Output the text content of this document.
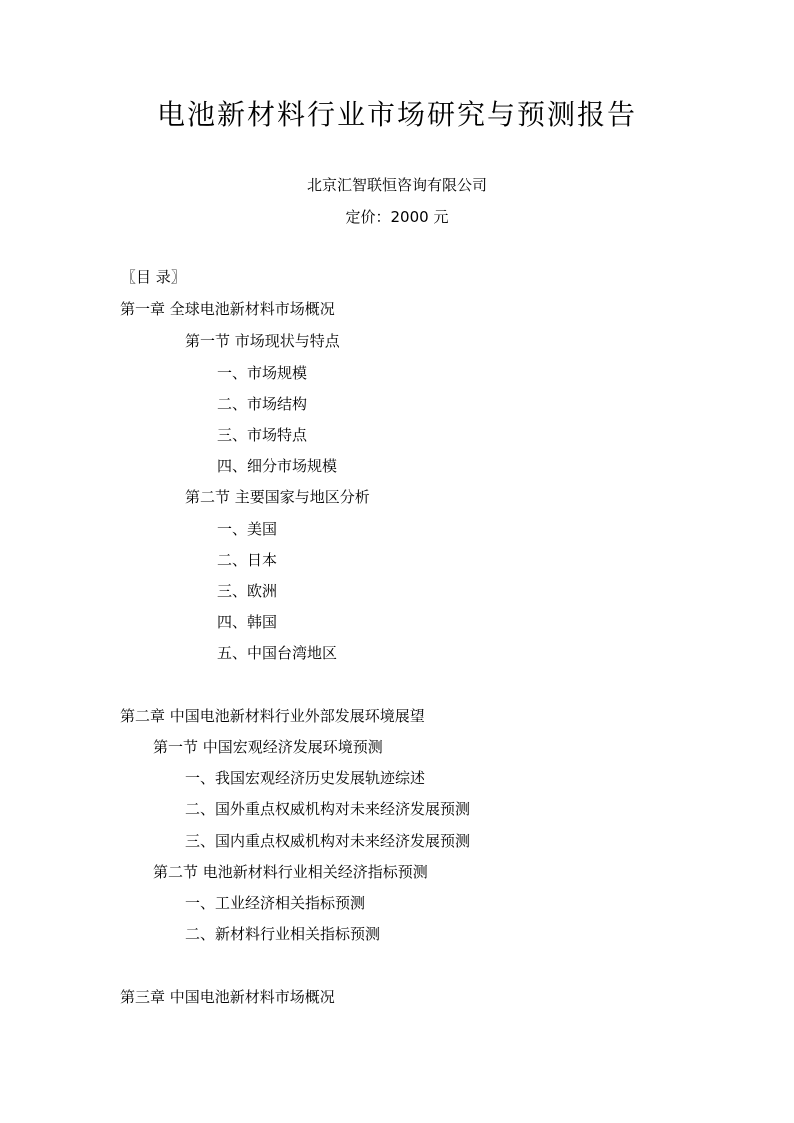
电池新材料行业市场研究与预测报告
北京汇智联恒咨询有限公司
定价：2000 元
〖目 录〗
第一章 全球电池新材料市场概况
第一节 市场现状与特点
一、市场规模
二、市场结构
三、市场特点
四、细分市场规模
第二节 主要国家与地区分析
一、美国
二、日本
三、欧洲
四、韩国
五、中国台湾地区
第二章 中国电池新材料行业外部发展环境展望
第一节 中国宏观经济发展环境预测
一、我国宏观经济历史发展轨迹综述
二、国外重点权威机构对未来经济发展预测
三、国内重点权威机构对未来经济发展预测
第二节 电池新材料行业相关经济指标预测
一、工业经济相关指标预测
二、新材料行业相关指标预测
第三章 中国电池新材料市场概况
